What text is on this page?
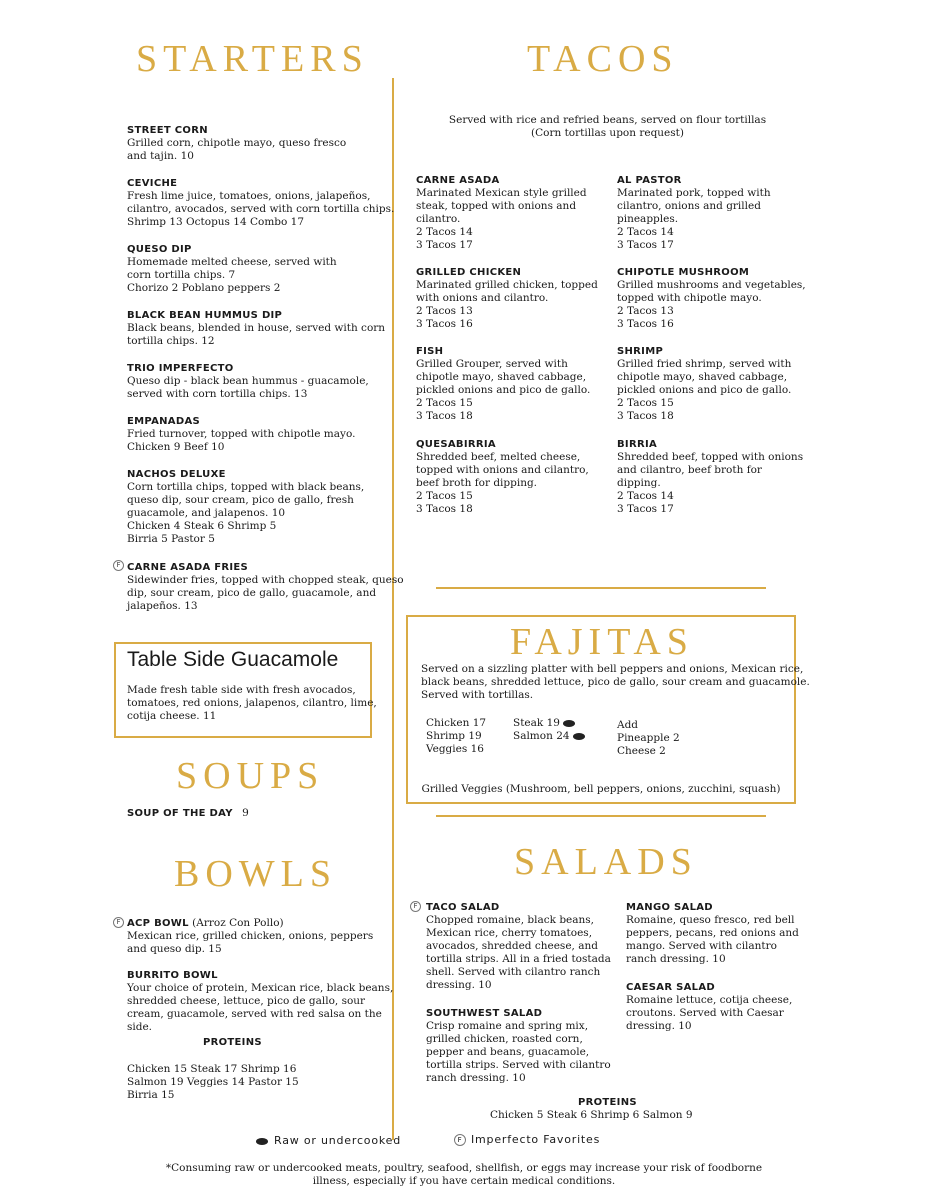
STARTERS
STREET CORN
Grilled corn, chipotle mayo, queso fresco
and tajin. 10
CEVICHE
Fresh lime juice, tomatoes, onions, jalapeños,
cilantro, avocados, served with corn tortilla chips.
Shrimp 13 Octopus 14 Combo 17
QUESO DIP
Homemade melted cheese, served with
corn tortilla chips. 7
Chorizo 2 Poblano peppers 2
BLACK BEAN HUMMUS DIP
Black beans, blended in house, served with corn
tortilla chips. 12
TRIO IMPERFECTO
Queso dip - black bean hummus - guacamole,
served with corn tortilla chips. 13
EMPANADAS
Fried turnover, topped with chipotle mayo.
Chicken 9 Beef 10
NACHOS DELUXE
Corn tortilla chips, topped with black beans,
queso dip, sour cream, pico de gallo, fresh
guacamole, and jalapenos. 10
Chicken 4 Steak 6 Shrimp 5
Birria 5 Pastor 5
F CARNE ASADA FRIES
Sidewinder fries, topped with chopped steak, queso
dip, sour cream, pico de gallo, guacamole, and
jalapeños. 13
Table Side Guacamole
Made fresh table side with fresh avocados,
tomatoes, red onions, jalapenos, cilantro, lime,
cotija cheese. 11
SOUPS
SOUP OF THE DAY 9
BOWLS
F ACP BOWL (Arroz Con Pollo)
Mexican rice, grilled chicken, onions, peppers
and queso dip. 15
BURRITO BOWL
Your choice of protein, Mexican rice, black beans,
shredded cheese, lettuce, pico de gallo, sour
cream, guacamole, served with red salsa on the
side.
PROTEINS
Chicken 15 Steak 17 Shrimp 16
Salmon 19 Veggies 14 Pastor 15
Birria 15
TACOS
Served with rice and refried beans, served on flour tortillas
(Corn tortillas upon request)
CARNE ASADA
Marinated Mexican style grilled
steak, topped with onions and
cilantro.
2 Tacos 14
3 Tacos 17
GRILLED CHICKEN
Marinated grilled chicken, topped
with onions and cilantro.
2 Tacos 13
3 Tacos 16
FISH
Grilled Grouper, served with
chipotle mayo, shaved cabbage,
pickled onions and pico de gallo.
2 Tacos 15
3 Tacos 18
QUESABIRRIA
Shredded beef, melted cheese,
topped with onions and cilantro,
beef broth for dipping.
2 Tacos 15
3 Tacos 18
AL PASTOR
Marinated pork, topped with
cilantro, onions and grilled
pineapples.
2 Tacos 14
3 Tacos 17
CHIPOTLE MUSHROOM
Grilled mushrooms and vegetables,
topped with chipotle mayo.
2 Tacos 13
3 Tacos 16
SHRIMP
Grilled fried shrimp, served with
chipotle mayo, shaved cabbage,
pickled onions and pico de gallo.
2 Tacos 15
3 Tacos 18
BIRRIA
Shredded beef, topped with onions
and cilantro, beef broth for
dipping.
2 Tacos 14
3 Tacos 17
FAJITAS
Served on a sizzling platter with bell peppers and onions, Mexican rice,
black beans, shredded lettuce, pico de gallo, sour cream and guacamole.
Served with tortillas.
Chicken 17
Shrimp 19
Veggies 16
Steak 19
Salmon 24
Add
Pineapple 2
Cheese 2
Grilled Veggies (Mushroom, bell peppers, onions, zucchini, squash)
SALADS
F TACO SALAD
Chopped romaine, black beans,
Mexican rice, cherry tomatoes,
avocados, shredded cheese, and
tortilla strips. All in a fried tostada
shell. Served with cilantro ranch
dressing. 10
SOUTHWEST SALAD
Crisp romaine and spring mix,
grilled chicken, roasted corn,
pepper and beans, guacamole,
tortilla strips. Served with cilantro
ranch dressing. 10
MANGO SALAD
Romaine, queso fresco, red bell
peppers, pecans, red onions and
mango. Served with cilantro
ranch dressing. 10
CAESAR SALAD
Romaine lettuce, cotija cheese,
croutons. Served with Caesar
dressing. 10
PROTEINS
Chicken 5 Steak 6 Shrimp 6 Salmon 9
Raw or undercooked	F Imperfecto Favorites
*Consuming raw or undercooked meats, poultry, seafood, shellfish, or eggs may increase your risk of foodborne
illness, especially if you have certain medical conditions.
